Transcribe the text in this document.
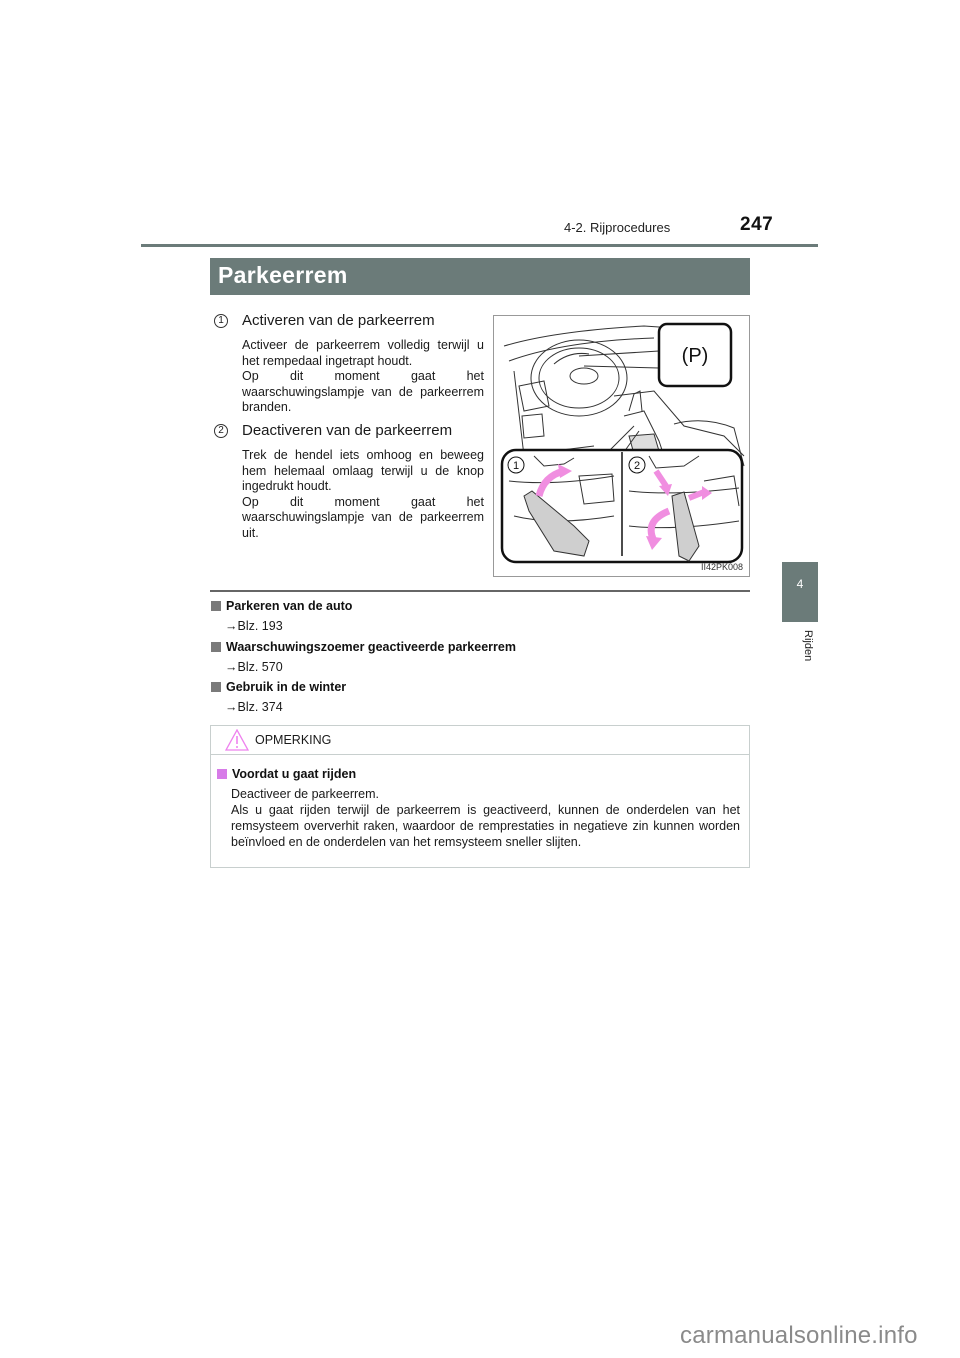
4-2. Rijprocedures	247
4
Rijden
Parkeerrem
1 Activeren van de parkeerrem

Activeer de parkeerrem volledig terwijl u het rempedaal ingetrapt houdt.

Op dit moment gaat het waarschuwingslampje van de parkeerrem branden.

2 Deactiveren van de parkeerrem

Trek de hendel iets omhoog en beweeg hem helemaal omlaag terwijl u de knop ingedrukt houdt.

Op dit moment gaat het waarschuwingslampje van de parkeerrem uit.

(P)
1	2
II42PK008
Parkeren van de auto
→Blz. 193
Waarschuwingszoemer geactiveerde parkeerrem
→Blz. 570
Gebruik in de winter
→Blz. 374
OPMERKING
Voordat u gaat rijden

Deactiveer de parkeerrem.

Als u gaat rijden terwijl de parkeerrem is geactiveerd, kunnen de onderdelen van het remsysteem oververhit raken, waardoor de remprestaties in negatieve zin kunnen worden beïnvloed en de onderdelen van het remsysteem sneller slijten.

carmanualsonline.info
